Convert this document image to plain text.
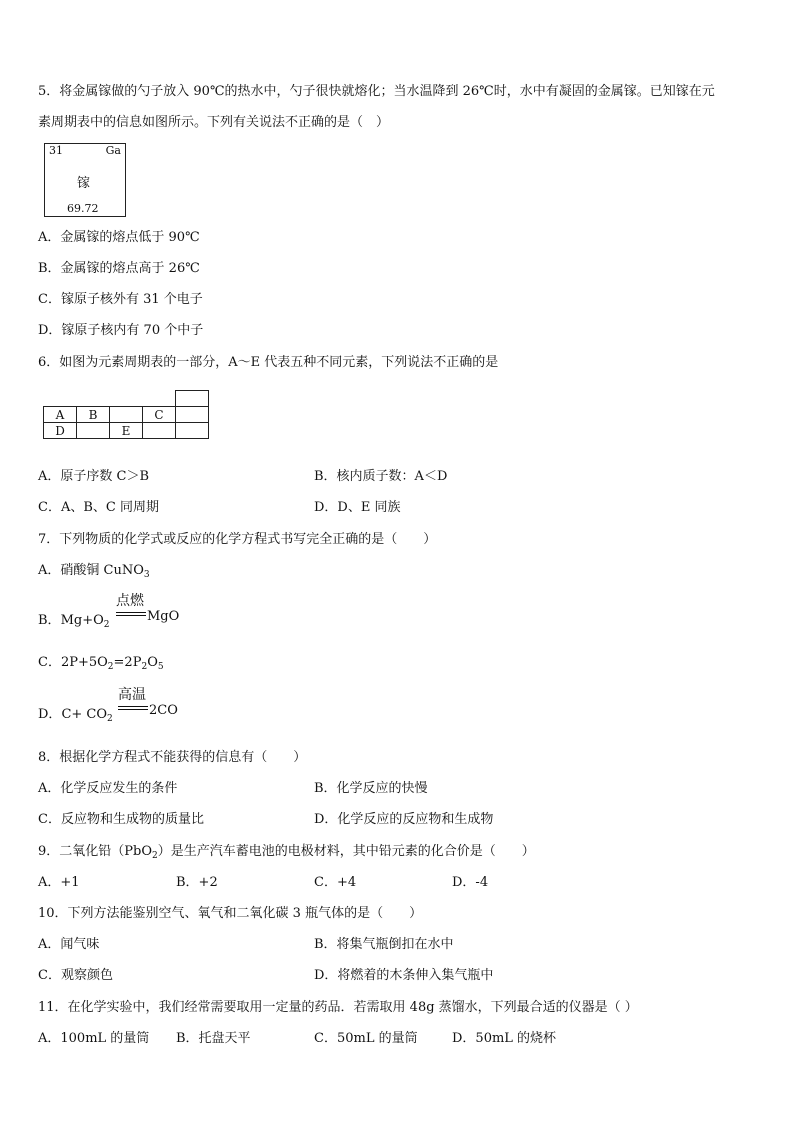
5．将金属镓做的勺子放入 90℃的热水中，勺子很快就熔化；当水温降到 26℃时，水中有凝固的金属镓。已知镓在元
素周期表中的信息如图所示。下列有关说法不正确的是（　）
31	Ga
镓
69.72
A．金属镓的熔点低于 90℃
B．金属镓的熔点高于 26℃
C．镓原子核外有 31 个电子
D．镓原子核内有 70 个中子
6．如图为元素周期表的一部分，A～E 代表五种不同元素，下列说法不正确的是

A	B		C	
D		E		
A．原子序数 C＞B	B．核内质子数：A＜D
C．A、B、C 同周期	D．D、E 同族
7．下列物质的化学式或反应的化学方程式书写完全正确的是（　　）
A．硝酸铜 CuNO$_3$
B．$Mg+O_2$
点燃
MgO
C．$2P+5O_2=2P_2O_5$
D．$C+ CO_2$
高温
2CO
8．根据化学方程式不能获得的信息有（　　）
A．化学反应发生的条件	B．化学反应的快慢
C．反应物和生成物的质量比	D．化学反应的反应物和生成物
9．二氧化铅（PbO$_2$）是生产汽车蓄电池的电极材料，其中铅元素的化合价是（　　）
A．+1	B．+2	C．+4	D．-4
10．下列方法能鉴别空气、氧气和二氧化碳 3 瓶气体的是（　　）
A．闻气味	B．将集气瓶倒扣在水中
C．观察颜色	D．将燃着的木条伸入集气瓶中
11．在化学实验中，我们经常需要取用一定量的药品．若需取用 48g 蒸馏水，下列最合适的仪器是（ ）
A．100mL 的量筒 B．托盘天平	C．50mL 的量筒	D．50mL 的烧杯
